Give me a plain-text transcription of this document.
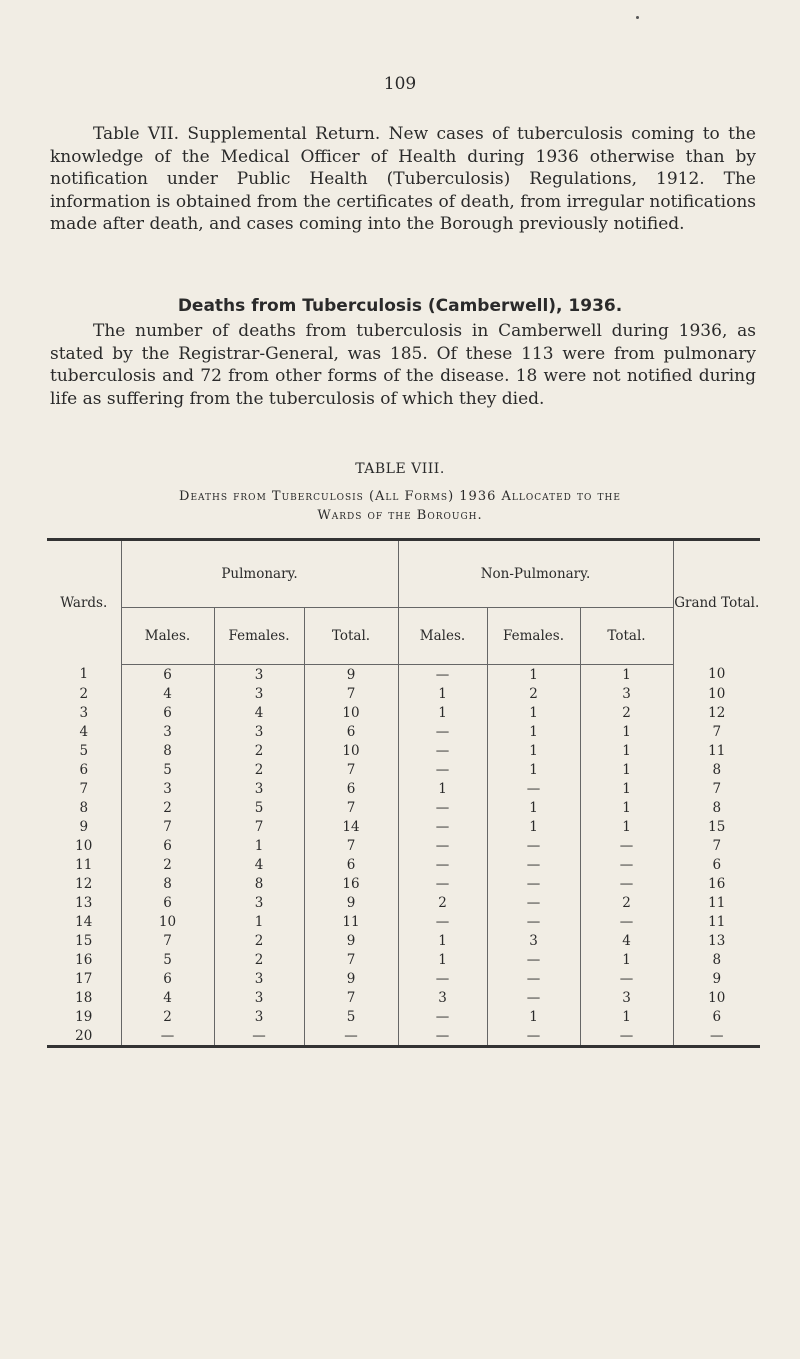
109

Table VII. Supplemental Return. New cases of tuberculosis coming to the knowledge of the Medical Officer of Health during 1936 otherwise than by notification under Public Health (Tuberculosis) Regulations, 1912. The information is obtained from the certificates of death, from irregular notifications made after death, and cases coming into the Borough previously notified.

Deaths from Tuberculosis (Camberwell), 1936.

The number of deaths from tuberculosis in Camberwell during 1936, as stated by the Registrar-General, was 185. Of these 113 were from pulmonary tuberculosis and 72 from other forms of the disease. 18 were not notified during life as suffering from the tuberculosis of which they died.

TABLE VIII.
Deaths from Tuberculosis (All Forms) 1936 Allocated to the
Wards of the Borough.
Wards.	Pulmonary.			Non-Pulmonary.			Grand Total.
	Males.	Females.	Total.	Males.	Females.	Total.	
1	6	3	9	—	1	1	10
2	4	3	7	1	2	3	10
3	6	4	10	1	1	2	12
4	3	3	6	—	1	1	7
5	8	2	10	—	1	1	11
6	5	2	7	—	1	1	8
7	3	3	6	1	—	1	7
8	2	5	7	—	1	1	8
9	7	7	14	—	1	1	15
10	6	1	7	—	—	—	7
11	2	4	6	—	—	—	6
12	8	8	16	—	—	—	16
13	6	3	9	2	—	2	11
14	10	1	11	—	—	—	11
15	7	2	9	1	3	4	13
16	5	2	7	1	—	1	8
17	6	3	9	—	—	—	9
18	4	3	7	3	—	3	10
19	2	3	5	—	1	1	6
20	—	—	—	—	—	—	—
